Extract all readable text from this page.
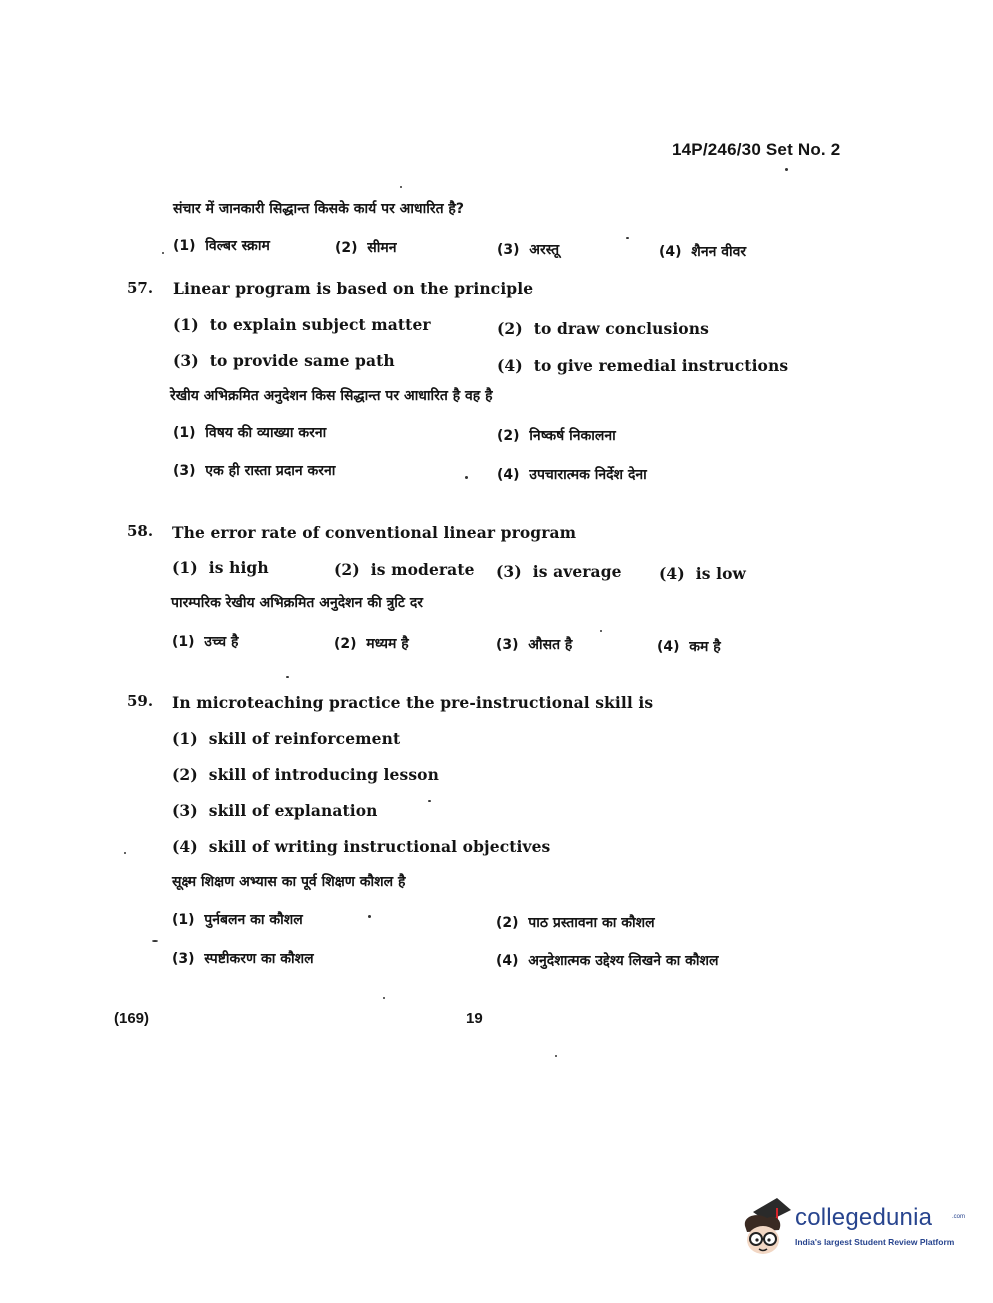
14P/246/30 Set No. 2
संचार में जानकारी सिद्धान्त किसके कार्य पर आधारित है?
(1) विल्बर स्क्राम	(2) सीमन	(3) अरस्तू	(4) शैनन वीवर
57. Linear program is based on the principle
(1) to explain subject matter	(2) to draw conclusions
(3) to provide same path	(4) to give remedial instructions
रेखीय अभिक्रमित अनुदेशन किस सिद्धान्त पर आधारित है वह है
(1) विषय की व्याख्या करना	(2) निष्कर्ष निकालना
(3) एक ही रास्ता प्रदान करना	(4) उपचारात्मक निर्देश देना
58. The error rate of conventional linear program
(1) is high	(2) is moderate (3) is average (4) is low
पारम्परिक रेखीय अभिक्रमित अनुदेशन की त्रुटि दर
(1) उच्च है	(2) मध्यम है	(3) औसत है	(4) कम है
59. In microteaching practice the pre-instructional skill is
(1) skill of reinforcement
(2) skill of introducing lesson
(3) skill of explanation
(4) skill of writing instructional objectives
सूक्ष्म शिक्षण अभ्यास का पूर्व शिक्षण कौशल है
(1) पुर्नबलन का कौशल	(2) पाठ प्रस्तावना का कौशल
(3) स्पष्टीकरण का कौशल	(4) अनुदेशात्मक उद्देश्य लिखने का कौशल
(169)	19
collegedunia	.com
India's largest Student Review Platform
